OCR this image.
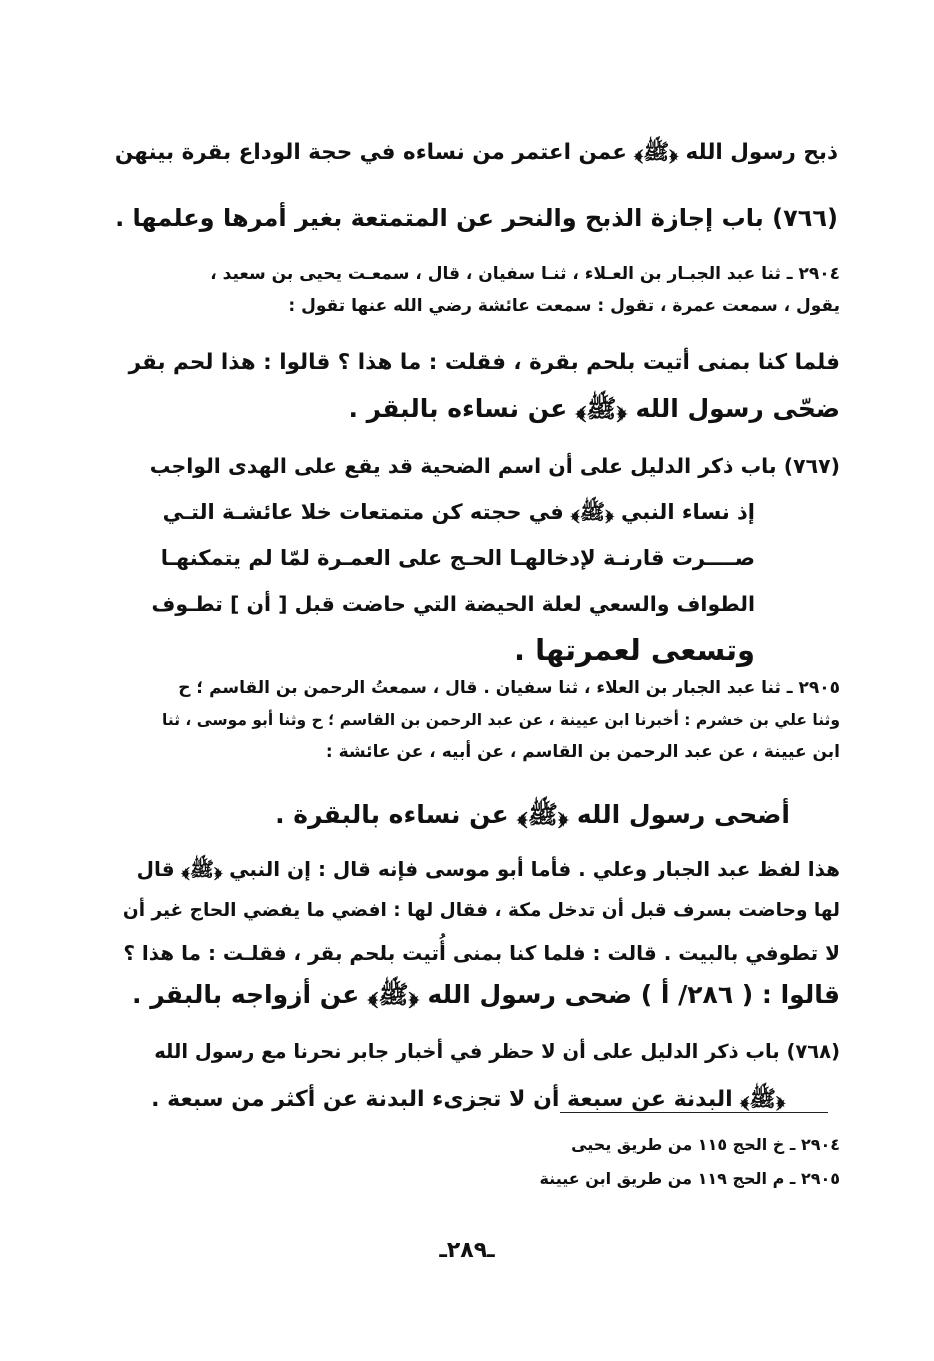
ذبح رسول الله ﴿ﷺ﴾ عمن اعتمر من نساءه في حجة الوداع بقرة بينهن
(٧٦٦) باب إجازة الذبح والنحر عن المتمتعة بغير أمرها وعلمها .
٢٩٠٤ ـ ثنا عبد الجبـار بن العـلاء ، ثنـا سفيان ، قال ، سمعـت يحيى بن سعيد ،
يقول ، سمعت عمرة ، تقول : سمعت عائشة رضي الله عنها تقول :
فلما كنا بمنى أتيت بلحم بقرة ، فقلت : ما هذا ؟ قالوا : هذا لحم بقر
ضحّى رسول الله ﴿ﷺ﴾ عن نساءه بالبقر .
(٧٦٧) باب ذكر الدليل على أن اسم الضحية قد يقع على الهدى الواجب
إذ نساء النبي ﴿ﷺ﴾ في حجته كن متمتعات خلا عائشـة التـي
صــــرت قارنـة لإدخالهـا الحـج على العمـرة لمّا لم يتمكنهـا
الطواف والسعي لعلة الحيضة التي حاضت قبل [ أن ] تطـوف
وتسعى لعمرتها .
٢٩٠٥ ـ ثنا عبد الجبار بن العلاء ، ثنا سفيان . قال ، سمعتُ الرحمن بن القاسم ؛ ح
وثنا علي بن خشرم : أخبرنا ابن عيينة ، عن عبد الرحمن بن القاسم ؛ ح وثنا أبو موسى ، ثنا
ابن عيينة ، عن عبد الرحمن بن القاسم ، عن أبيه ، عن عائشة :
أضحى رسول الله ﴿ﷺ﴾ عن نساءه بالبقرة .
هذا لفظ عبد الجبار وعلي . فأما أبو موسى فإنه قال : إن النبي ﴿ﷺ﴾ قال
لها وحاضت بسرف قبل أن تدخل مكة ، فقال لها : افضي ما يفضي الحاج غير أن
لا تطوفي بالبيت . قالت : فلما كنا بمنى أُتيت بلحم بقر ، فقلـت : ما هذا ؟
قالوا : ( ٢٨٦/ أ ) ضحى رسول الله ﴿ﷺ﴾ عن أزواجه بالبقر .
(٧٦٨) باب ذكر الدليل على أن لا حظر في أخبار جابر نحرنا مع رسول الله
﴿ﷺ﴾ البدنة عن سبعة أن لا تجزىء البدنة عن أكثر من سبعة .
٢٩٠٤ ـ خ الحج ١١٥ من طريق يحيى
٢٩٠٥ ـ م الحج ١١٩ من طريق ابن عيينة
ـ٢٨٩ـ
